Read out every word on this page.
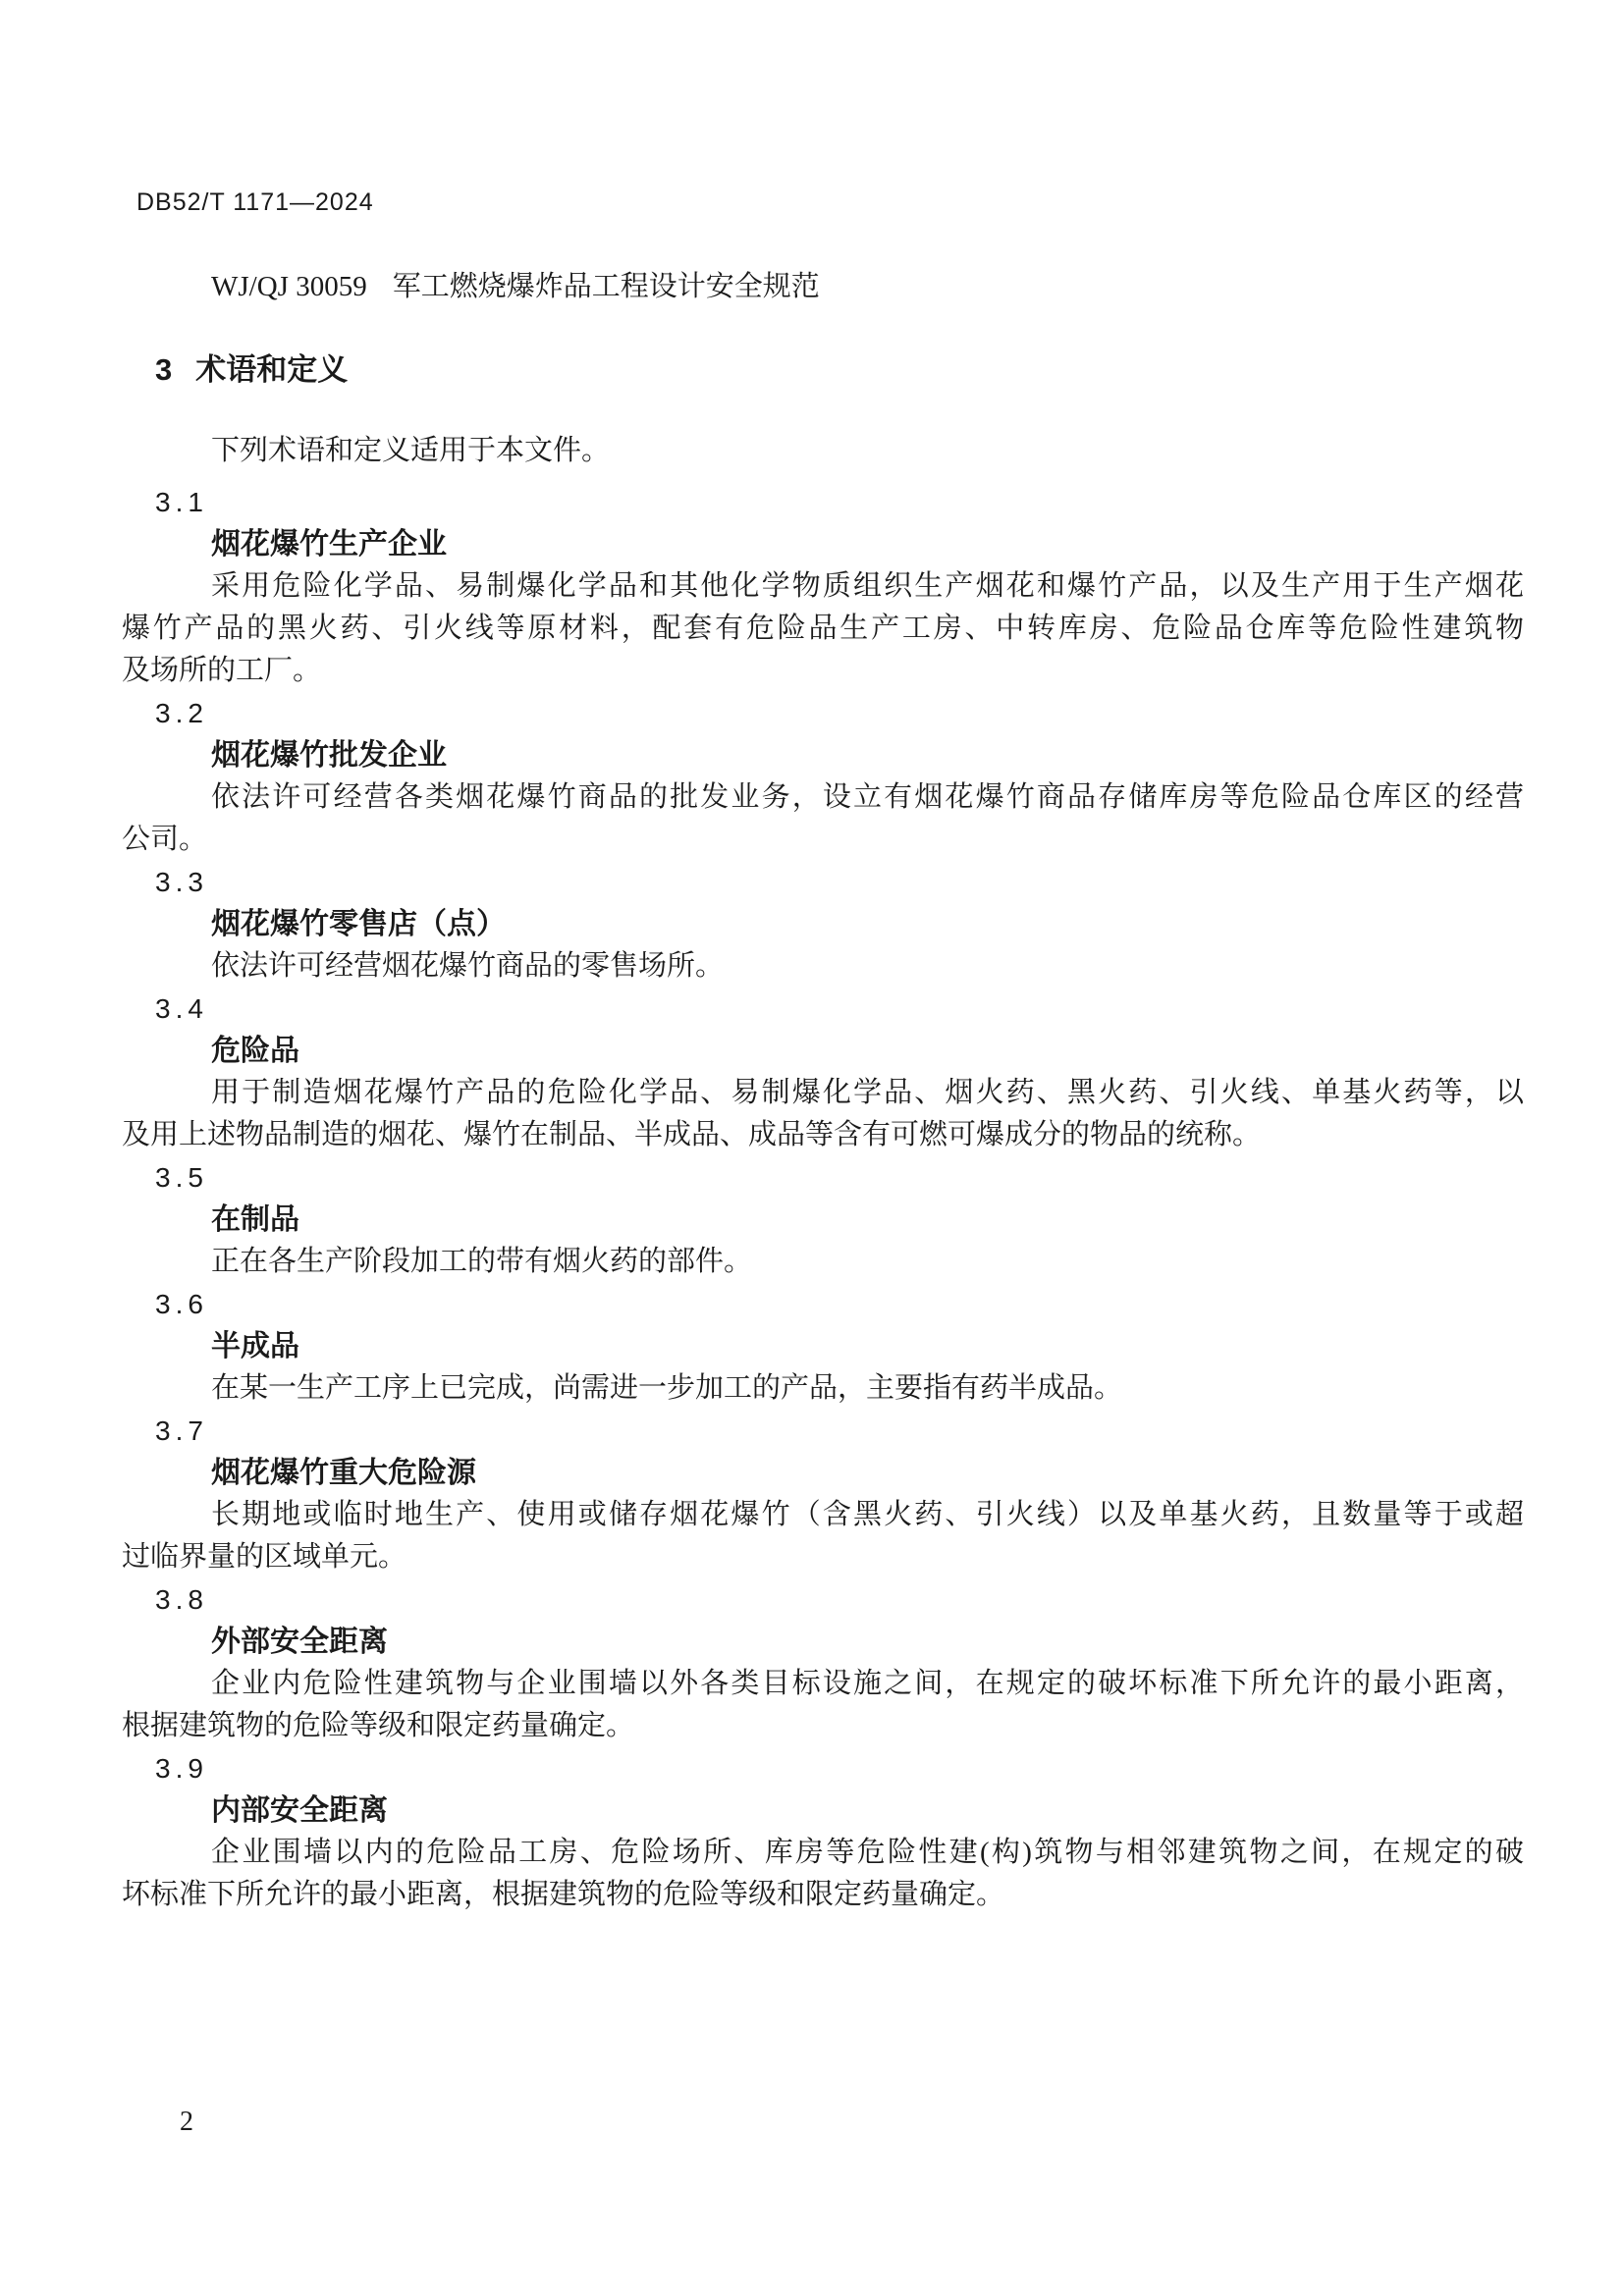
DB52/T 1171—2024
WJ/QJ 30059 军工燃烧爆炸品工程设计安全规范
3 术语和定义
下列术语和定义适用于本文件。
3.1
烟花爆竹生产企业
采用危险化学品、易制爆化学品和其他化学物质组织生产烟花和爆竹产品，以及生产用于生产烟花
爆竹产品的黑火药、引火线等原材料，配套有危险品生产工房、中转库房、危险品仓库等危险性建筑物
及场所的工厂。
3.2
烟花爆竹批发企业
依法许可经营各类烟花爆竹商品的批发业务，设立有烟花爆竹商品存储库房等危险品仓库区的经营
公司。
3.3
烟花爆竹零售店（点）
依法许可经营烟花爆竹商品的零售场所。
3.4
危险品
用于制造烟花爆竹产品的危险化学品、易制爆化学品、烟火药、黑火药、引火线、单基火药等，以
及用上述物品制造的烟花、爆竹在制品、半成品、成品等含有可燃可爆成分的物品的统称。
3.5
在制品
正在各生产阶段加工的带有烟火药的部件。
3.6
半成品
在某一生产工序上已完成，尚需进一步加工的产品，主要指有药半成品。
3.7
烟花爆竹重大危险源
长期地或临时地生产、使用或储存烟花爆竹（含黑火药、引火线）以及单基火药，且数量等于或超
过临界量的区域单元。
3.8
外部安全距离
企业内危险性建筑物与企业围墙以外各类目标设施之间，在规定的破坏标准下所允许的最小距离，
根据建筑物的危险等级和限定药量确定。
3.9
内部安全距离
企业围墙以内的危险品工房、危险场所、库房等危险性建(构)筑物与相邻建筑物之间，在规定的破
坏标准下所允许的最小距离，根据建筑物的危险等级和限定药量确定。
2
